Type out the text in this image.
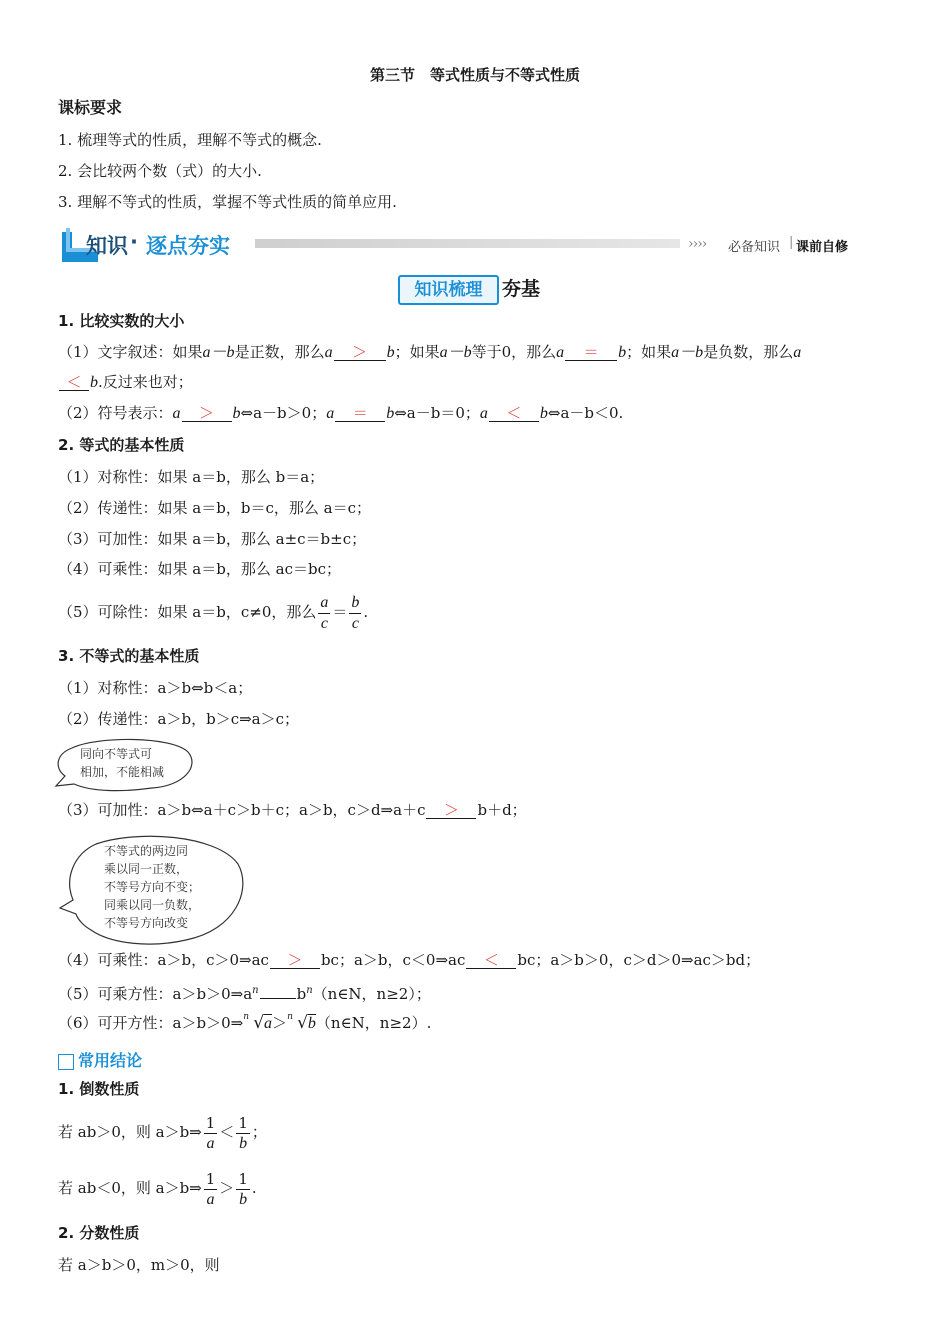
第三节　等式性质与不等式性质
课标要求
1. 梳理等式的性质，理解不等式的概念.
2. 会比较两个数（式）的大小.
3. 理解不等式的性质，掌握不等式性质的简单应用.
知识 · 逐点夯实	›››› 必备知识 | 课前自修
知识梳理	夯基
1. 比较实数的大小
（1）文字叙述：如果a－b是正数，那么a ＞ b；如果a－b等于0，那么a ＝ b；如果a－b是负数，那么a
＜ b.反过来也对；
（2）符号表示：a ＞ b⇔a－b＞0；a ＝ b⇔a－b＝0；a ＜ b⇔a－b＜0.
2. 等式的基本性质
（1）对称性：如果 a＝b，那么 b＝a；
（2）传递性：如果 a＝b，b＝c，那么 a＝c；
（3）可加性：如果 a＝b，那么 a±c＝b±c；
（4）可乘性：如果 a＝b，那么 ac＝bc；
（5）可除性：如果 a＝b，c≠0，那么 $\frac{a}{c} = \frac{b}{c}$ .
3. 不等式的基本性质
（1）对称性：a＞b⇔b＜a；
（2）传递性：a＞b，b＞c⇒a＞c；
同向不等式可
相加，不能相减
（3）可加性：a＞b⇔a＋c＞b＋c；a＞b，c＞d⇒a＋c ＞ b＋d；
不等式的两边同
乘以同一正数，
不等号方向不变；
同乘以同一负数，
不等号方向改变
（4）可乘性：a＞b，c＞0⇒ac ＞ bc；a＞b，c＜0⇒ac ＜ bc；a＞b＞0，c＞d＞0⇒ac＞bd；
（5）可乘方性：$a>b>0\Rightarrow a^n$	$b^n(n\in N$，n≥2）；
（6）可开方性：a＞b＞0⇒ n √a＞ n √b（n∈N，n≥2）.
常用结论
1. 倒数性质
若 ab＞0，则 a＞b⇒ $\frac{1}{a} < \frac{1}{b}$ ；
若 ab＜0，则 a＞b⇒ $\frac{1}{a} > \frac{1}{b}$ .
2. 分数性质
若 a＞b＞0，m＞0，则
